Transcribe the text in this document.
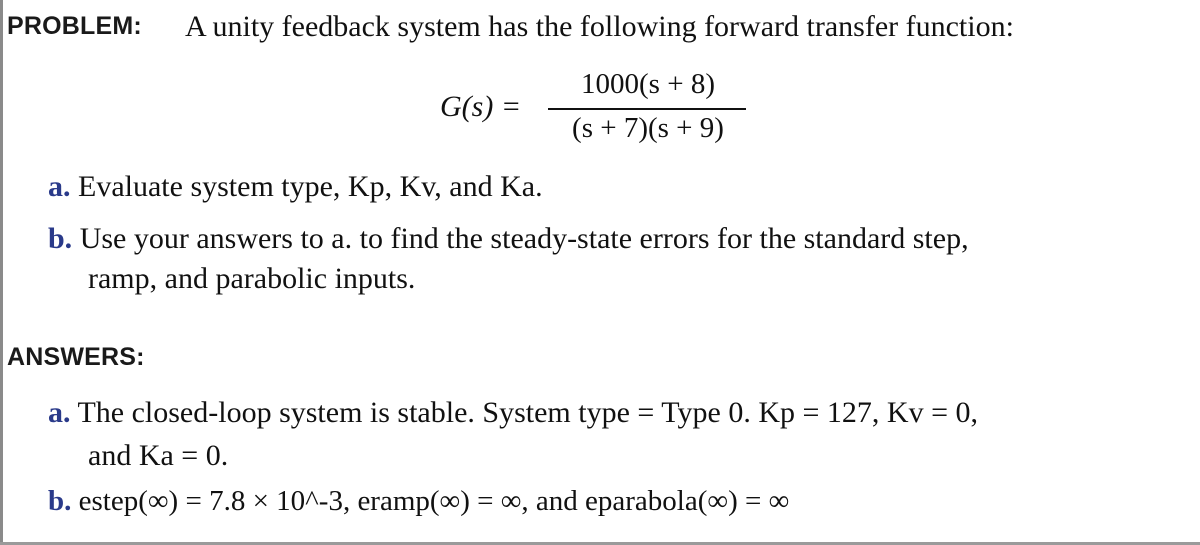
PROBLEM: A unity feedback system has the following forward transfer function:
G(s) =
1000(s + 8)
(s + 7)(s + 9)
a. Evaluate system type, Kp, Kv, and Ka.
b. Use your answers to a. to find the steady-state errors for the standard step,
ramp, and parabolic inputs.
ANSWERS:
a. The closed-loop system is stable. System type = Type 0. Kp = 127, Kv = 0,
and Ka = 0.
b. estep(∞) = 7.8 × 10^-3, eramp(∞) = ∞, and eparabola(∞) = ∞
